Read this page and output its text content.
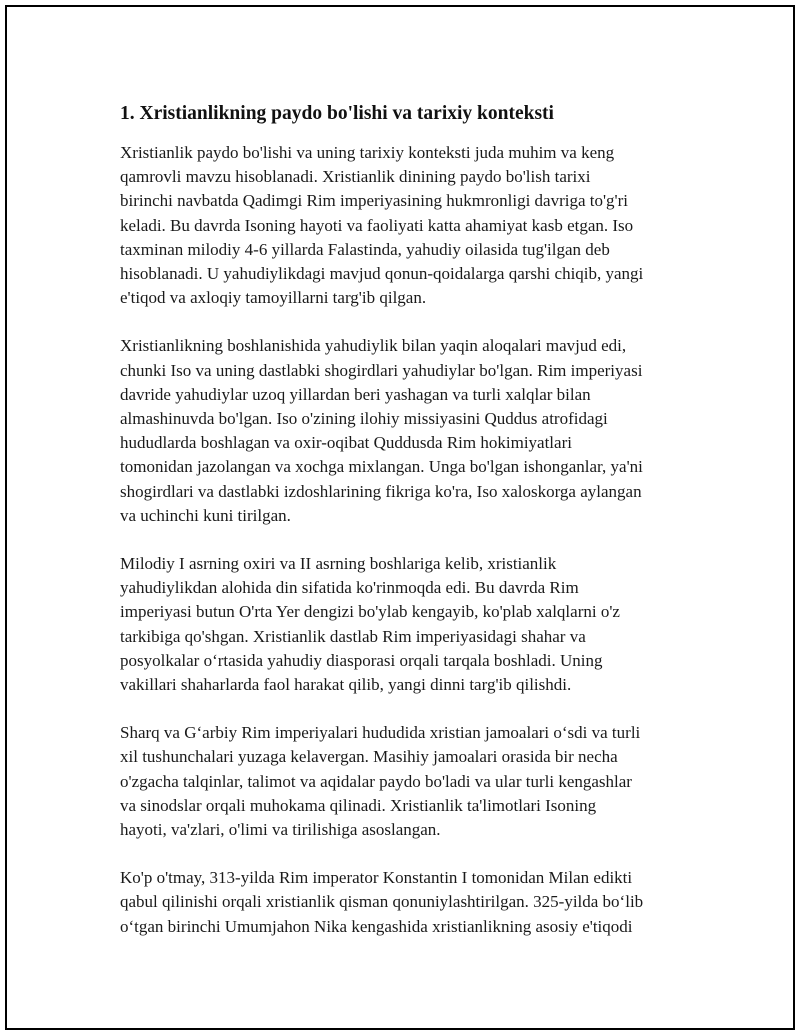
1. Xristianlikning paydo bo'lishi va tarixiy konteksti

Xristianlik paydo bo'lishi va uning tarixiy konteksti juda muhim va keng
qamrovli mavzu hisoblanadi. Xristianlik dinining paydo bo'lish tarixi
birinchi navbatda Qadimgi Rim imperiyasining hukmronligi davriga to'g'ri
keladi. Bu davrda Isoning hayoti va faoliyati katta ahamiyat kasb etgan. Iso
taxminan milodiy 4-6 yillarda Falastinda, yahudiy oilasida tug'ilgan deb
hisoblanadi. U yahudiylikdagi mavjud qonun-qoidalarga qarshi chiqib, yangi
e'tiqod va axloqiy tamoyillarni targ'ib qilgan.

Xristianlikning boshlanishida yahudiylik bilan yaqin aloqalari mavjud edi,
chunki Iso va uning dastlabki shogirdlari yahudiylar bo'lgan. Rim imperiyasi
davride yahudiylar uzoq yillardan beri yashagan va turli xalqlar bilan
almashinuvda bo'lgan. Iso o'zining ilohiy missiyasini Quddus atrofidagi
hududlarda boshlagan va oxir-oqibat Quddusda Rim hokimiyatlari
tomonidan jazolangan va xochga mixlangan. Unga bo'lgan ishonganlar, ya'ni
shogirdlari va dastlabki izdoshlarining fikriga ko'ra, Iso xaloskorga aylangan
va uchinchi kuni tirilgan.

Milodiy I asrning oxiri va II asrning boshlariga kelib, xristianlik
yahudiylikdan alohida din sifatida ko'rinmoqda edi. Bu davrda Rim
imperiyasi butun O'rta Yer dengizi bo'ylab kengayib, ko'plab xalqlarni o'z
tarkibiga qo'shgan. Xristianlik dastlab Rim imperiyasidagi shahar va
posyolkalar o‘rtasida yahudiy diasporasi orqali tarqala boshladi. Uning
vakillari shaharlarda faol harakat qilib, yangi dinni targ'ib qilishdi.

Sharq va G‘arbiy Rim imperiyalari hududida xristian jamoalari o‘sdi va turli
xil tushunchalari yuzaga kelavergan. Masihiy jamoalari orasida bir necha
o'zgacha talqinlar, talimot va aqidalar paydo bo'ladi va ular turli kengashlar
va sinodslar orqali muhokama qilinadi. Xristianlik ta'limotlari Isoning
hayoti, va'zlari, o'limi va tirilishiga asoslangan.

Ko'p o'tmay, 313-yilda Rim imperator Konstantin I tomonidan Milan edikti
qabul qilinishi orqali xristianlik qisman qonuniylashtirilgan. 325-yilda bo‘lib
o‘tgan birinchi Umumjahon Nika kengashida xristianlikning asosiy e'tiqodi
